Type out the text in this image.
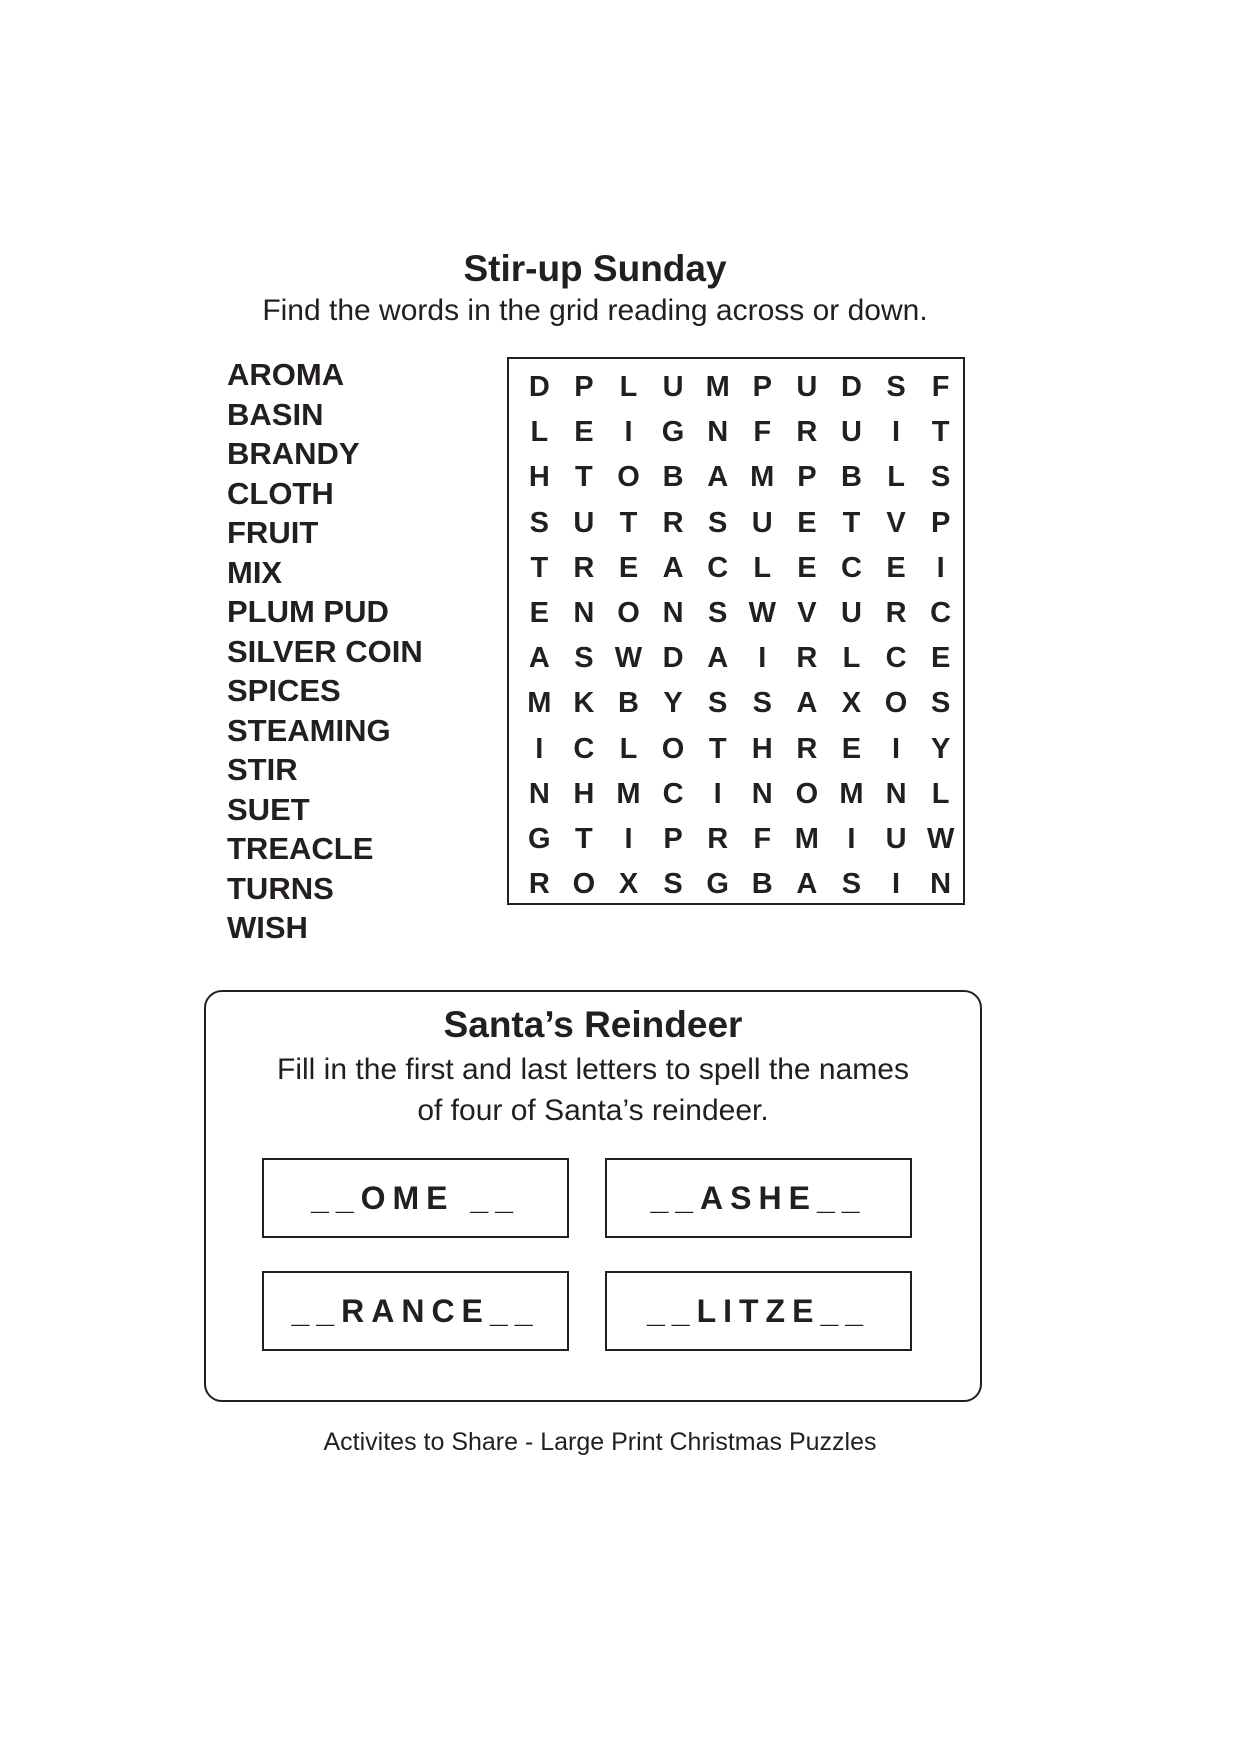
Stir-up Sunday

Find the words in the grid reading across or down.

AROMA
BASIN
BRANDY
CLOTH
FRUIT
MIX
PLUM PUD
SILVER COIN
SPICES
STEAMING
STIR
SUET
TREACLE
TURNS
WISH
D P L U M P U D S F
L E	I	G N F R U	I	T
H T O B A M P B L S
S U T R S U E T V P
T R E A C L E C E	I
E N O N S W V U R C
A S W D A	I	R L C E
M K B Y S S A X O S
I	C L O T H R E	I	Y
N H M C	I	N O M N L
G T	I	P R F M I	U W
R O X S G B A S	I	N
Santa’s Reindeer

Fill in the first and last letters to spell the names
of four of Santa’s reindeer.

__OME __	__ASHE__
__RANCE__	__LITZE__

Activites to Share - Large Print Christmas Puzzles
